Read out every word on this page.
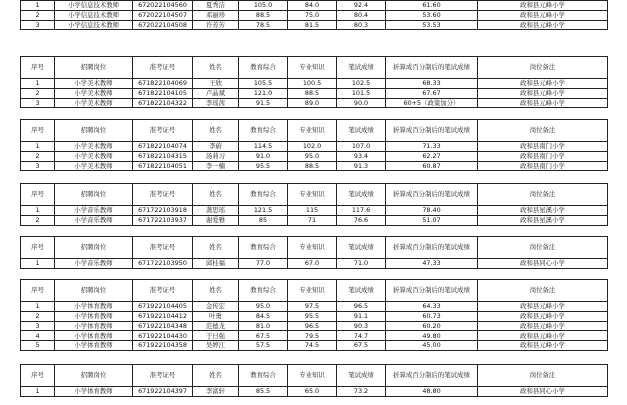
1	小学信息技术教师	672022104560	夏秀洁	105.0	84.0	92.4	61.60	政和县元峰小学
2	小学信息技术教师	672022104507	邓丽珍	88.5	75.0	80.4	53.60	政和县元峰小学
3	小学信息技术教师	672022104508	许芳芳	78.5	81.5	80.3	53.53	政和县元峰小学
序号	招聘岗位	准考证号	姓名	教育综合	专业知识	笔试成绩	折算成百分制后的笔试成绩	岗位备注
1	小学美术教师	671822104069	王欣	105.5	100.5	102.5	68.33	政和县元峰小学
2	小学美术教师	671822104105	卢晶斌	121.0	88.5	101.5	67.67	政和县元峰小学
3	小学美术教师	671822104322	李瑶茜	91.5	89.0	90.0	60+5（政策加分）	政和县元峰小学
序号	招聘岗位	准考证号	姓名	教育综合	专业知识	笔试成绩	折算成百分制后的笔试成绩	岗位备注
1	小学美术教师	671822104074	李蔚	114.5	102.0	107.0	71.33	政和县南门小学
2	小学美术教师	671822104315	汤莉习	91.0	95.0	93.4	62.27	政和县南门小学
3	小学美术教师	671822104051	李一楠	95.5	88.5	91.3	60.87	政和县南门小学
序号	招聘岗位	准考证号	姓名	教育综合	专业知识	笔试成绩	折算成百分制后的笔试成绩	岗位备注
1	小学音乐教师	671722103918	龚思瑶	121.5	115	117.6	78.40	政和县星溪小学
2	小学音乐教师	671722103937	谢爱雅	85	71	76.6	51.07	政和县星溪小学
序号	招聘岗位	准考证号	姓名	教育综合	专业知识	笔试成绩	折算成百分制后的笔试成绩	岗位备注
1	小学音乐教师	671722103950	邱桂福	77.0	67.0	71.0	47.33	政和县同心小学
序号	招聘岗位	准考证号	姓名	教育综合	专业知识	笔试成绩	折算成百分制后的笔试成绩	岗位备注
1	小学体育教师	671922104405	金传宏	95.0	97.5	96.5	64.33	政和县元峰小学
2	小学体育教师	671922104412	叶勇	84.5	95.5	91.1	60.73	政和县元峰小学
3	小学体育教师	671922104348	范德龙	81.0	96.5	90.3	60.20	政和县元峰小学
4	小学体育教师	671922104430	于日强	67.5	79.5	74.7	49.80	政和县元峰小学
5	小学体育教师	671922104358	吴婷江	57.5	74.5	67.5	45.00	政和县元峰小学
序号	招聘岗位	准考证号	姓名	教育综合	专业知识	笔试成绩	折算成百分制后的笔试成绩	岗位备注
1	小学体育教师	671922104397	李富轩	85.5	65.0	73.2	48.80	政和县同心小学
